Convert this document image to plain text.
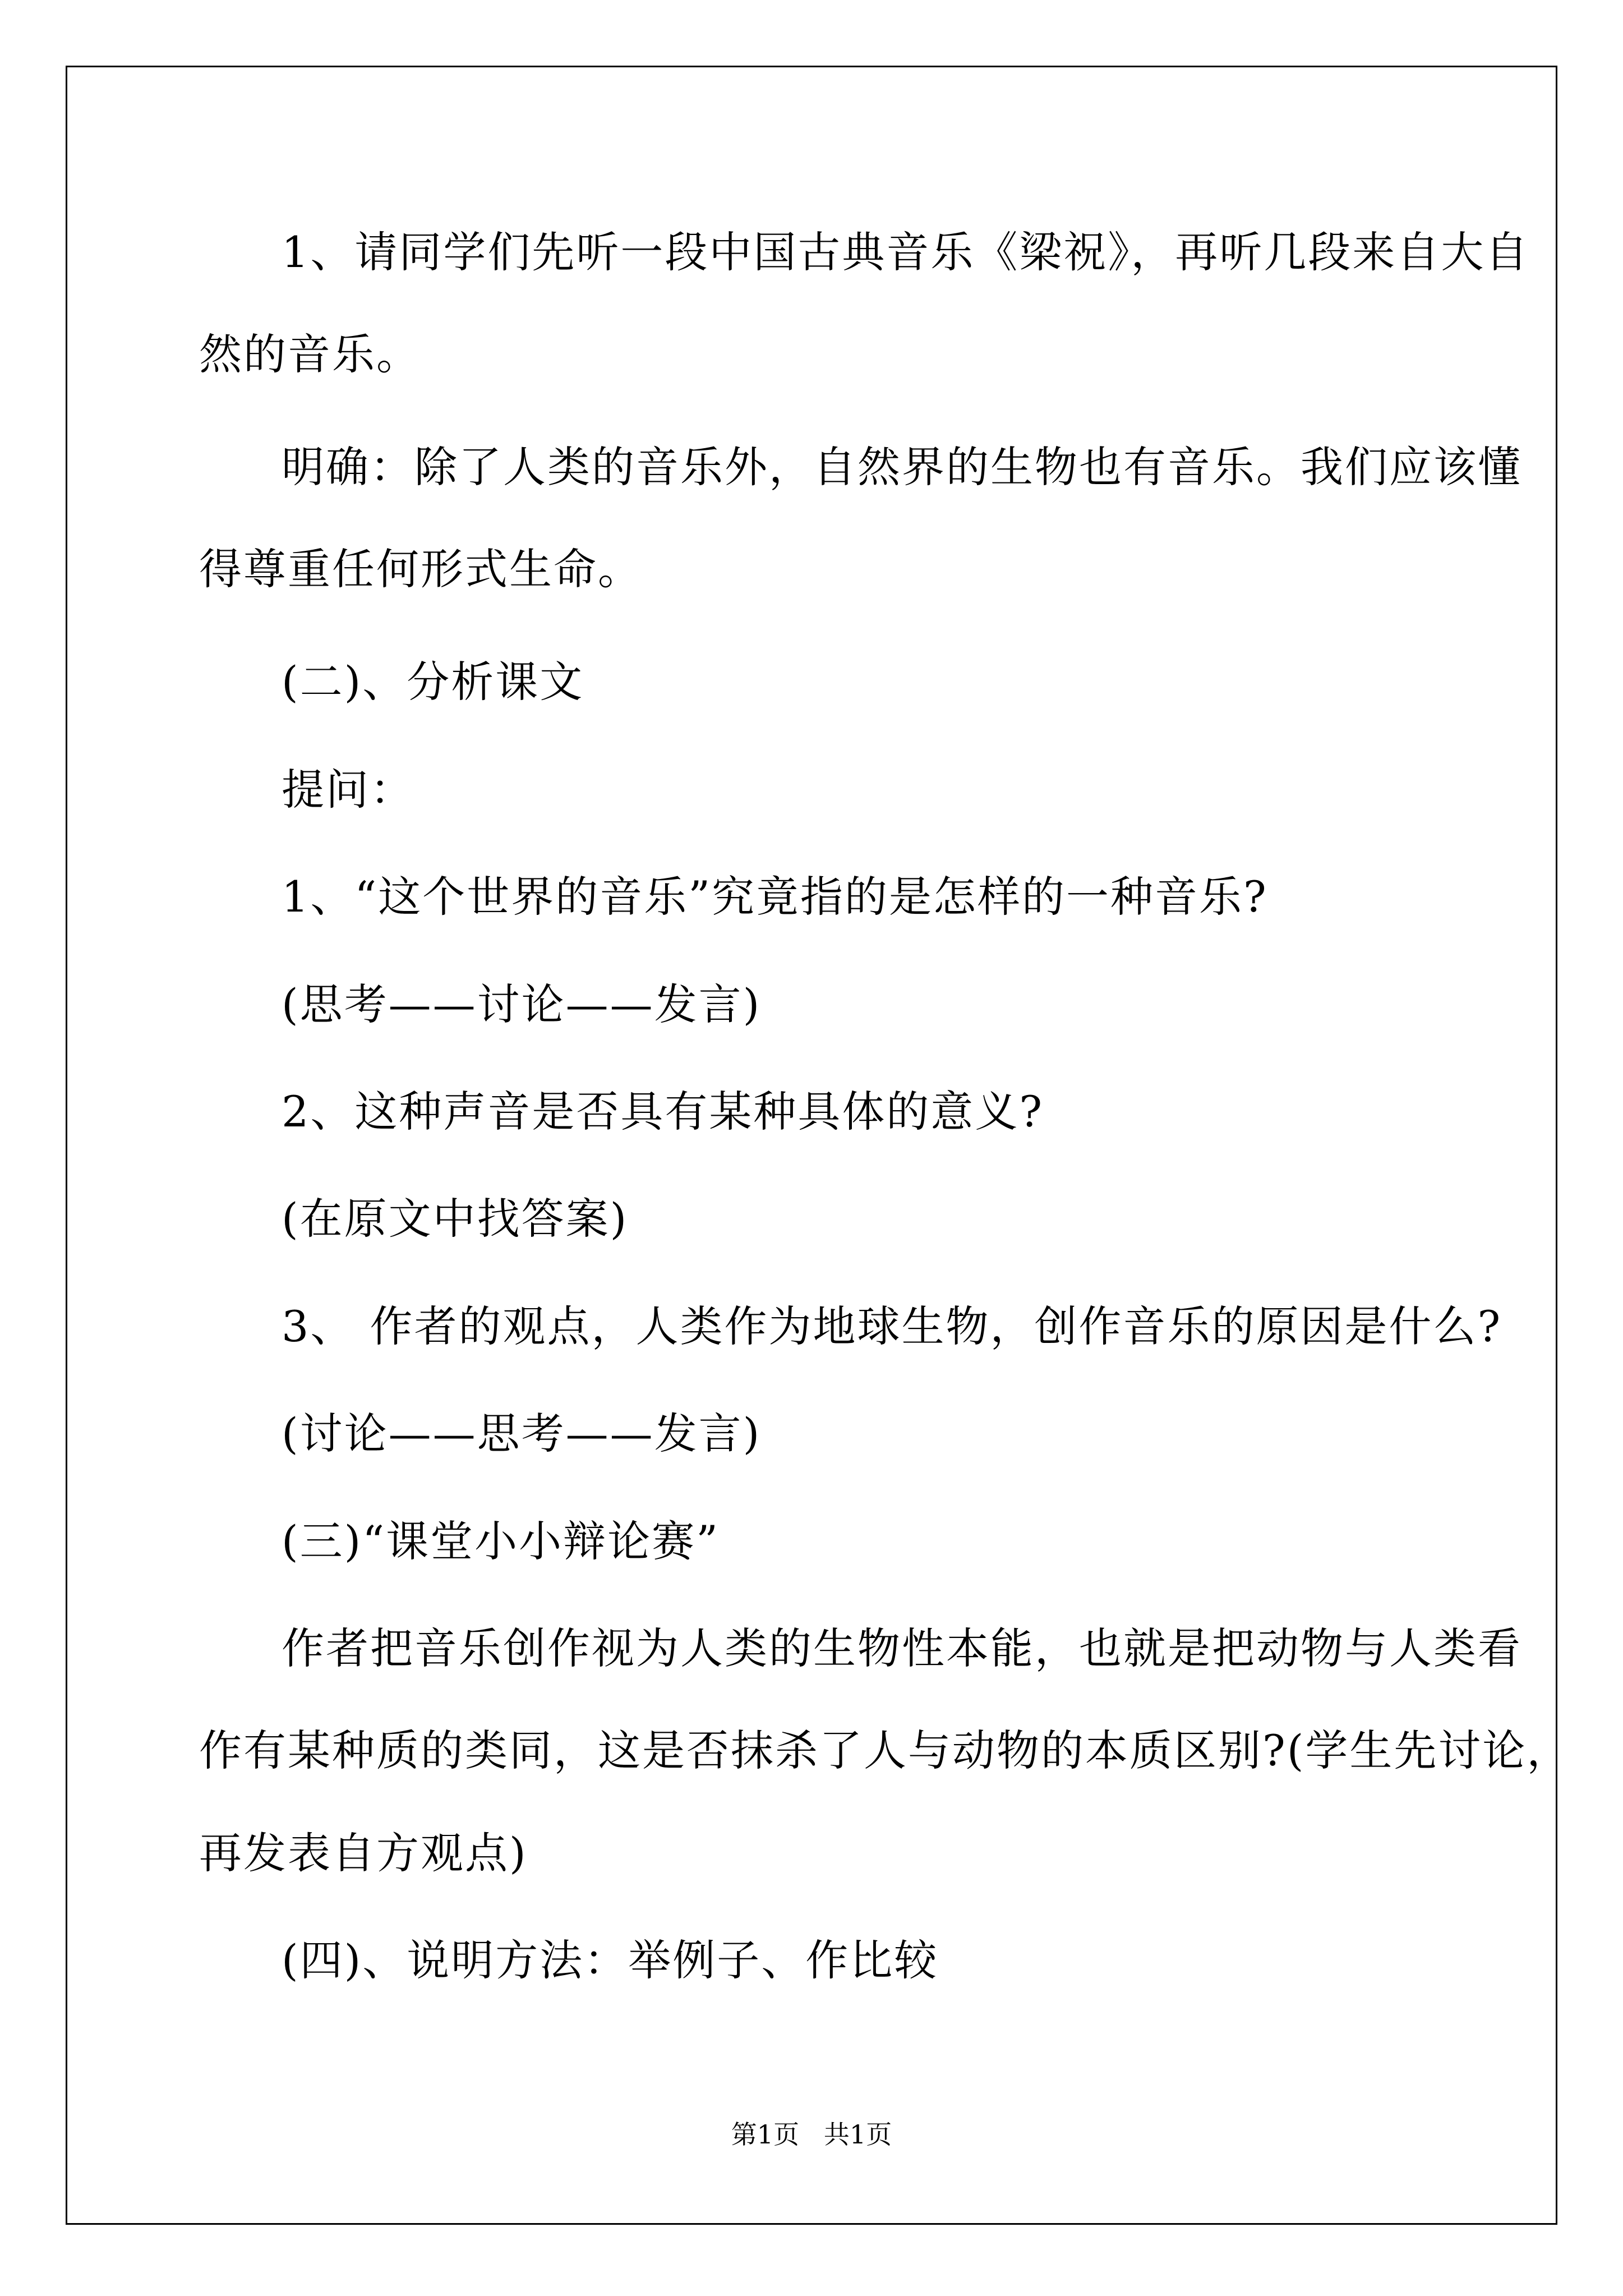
1、请同学们先听一段中国古典音乐《梁祝》，再听几段来自大自
然的音乐。
明确：除了人类的音乐外，自然界的生物也有音乐。我们应该懂
得尊重任何形式生命。
(二)、分析课文
提问：
1、“这个世界的音乐”究竟指的是怎样的一种音乐?
(思考——讨论——发言)
2、这种声音是否具有某种具体的意义?
(在原文中找答案)
3、 作者的观点，人类作为地球生物，创作音乐的原因是什么?
(讨论——思考——发言)
(三)“课堂小小辩论赛”
作者把音乐创作视为人类的生物性本能，也就是把动物与人类看
作有某种质的类同，这是否抹杀了人与动物的本质区别?(学生先讨论，
再发表自方观点)
(四)、说明方法：举例子、作比较
第1页   共1页
